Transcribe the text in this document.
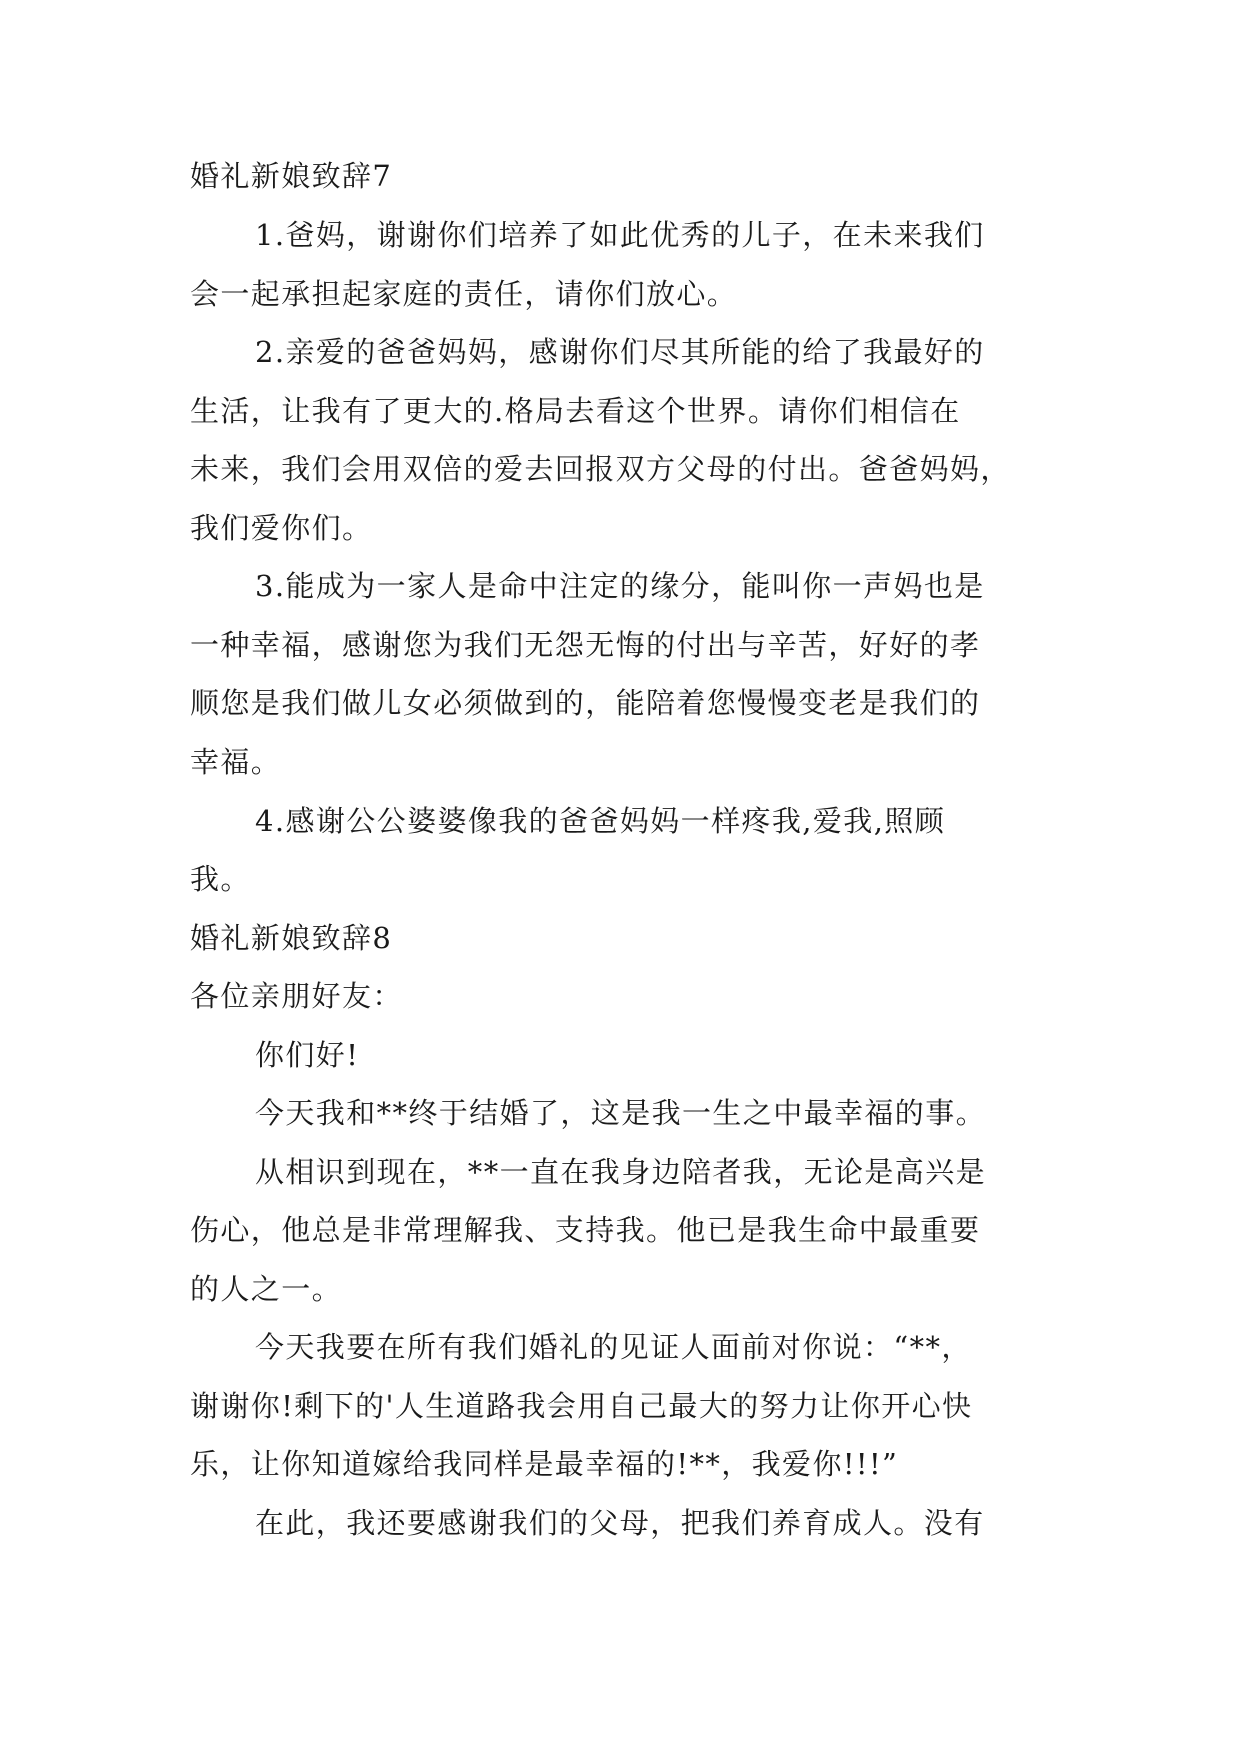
婚礼新娘致辞7
1.爸妈，谢谢你们培养了如此优秀的儿子，在未来我们
会一起承担起家庭的责任，请你们放心。
2.亲爱的爸爸妈妈，感谢你们尽其所能的给了我最好的
生活，让我有了更大的.格局去看这个世界。请你们相信在
未来，我们会用双倍的爱去回报双方父母的付出。爸爸妈妈，
我们爱你们。
3.能成为一家人是命中注定的缘分，能叫你一声妈也是
一种幸福，感谢您为我们无怨无悔的付出与辛苦，好好的孝
顺您是我们做儿女必须做到的，能陪着您慢慢变老是我们的
幸福。
4.感谢公公婆婆像我的爸爸妈妈一样疼我,爱我,照顾
我。
婚礼新娘致辞8
各位亲朋好友：
你们好!
今天我和**终于结婚了，这是我一生之中最幸福的事。
从相识到现在，**一直在我身边陪者我，无论是高兴是
伤心，他总是非常理解我、支持我。他已是我生命中最重要
的人之一。
今天我要在所有我们婚礼的见证人面前对你说：“**，
谢谢你!剩下的'人生道路我会用自己最大的努力让你开心快
乐，让你知道嫁给我同样是最幸福的!**，我爱你!!!”
在此，我还要感谢我们的父母，把我们养育成人。没有
